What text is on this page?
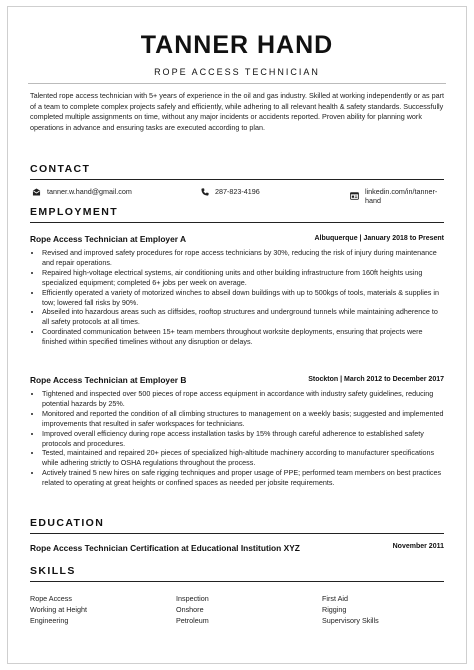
TANNER HAND
ROPE ACCESS TECHNICIAN
Talented rope access technician with 5+ years of experience in the oil and gas industry. Skilled at working independently or as part of a team to complete complex projects safely and efficiently, while adhering to all relevant health & safety standards. Successfully completed multiple assignments on time, without any major incidents or accidents reported. Proven ability for planning work operations in advance and ensuring tasks are executed according to plan.
CONTACT
tanner.w.hand@gmail.com	287-823-4196	linkedin.com/in/tanner-hand
EMPLOYMENT
Rope Access Technician at Employer A	Albuquerque | January 2018 to Present
• Revised and improved safety procedures for rope access technicians by 30%, reducing the risk of injury during maintenance and repair operations.
• Repaired high-voltage electrical systems, air conditioning units and other building infrastructure from 160ft heights using specialized equipment; completed 6+ jobs per week on average.
• Efficiently operated a variety of motorized winches to abseil down buildings with up to 500kgs of tools, materials & supplies in tow; lowered fall risks by 90%.
• Abseiled into hazardous areas such as cliffsides, rooftop structures and underground tunnels while maintaining adherence to all safety protocols at all times.
• Coordinated communication between 15+ team members throughout worksite deployments, ensuring that projects were finished within specified timelines without any disruption or delays.
Rope Access Technician at Employer B	Stockton | March 2012 to December 2017
• Tightened and inspected over 500 pieces of rope access equipment in accordance with industry safety guidelines, reducing potential hazards by 25%.
• Monitored and reported the condition of all climbing structures to management on a weekly basis; suggested and implemented improvements that resulted in safer workspaces for technicians.
• Improved overall efficiency during rope access installation tasks by 15% through careful adherence to established safety protocols and procedures.
• Tested, maintained and repaired 20+ pieces of specialized high-altitude machinery according to manufacturer specifications while adhering strictly to OSHA regulations throughout the process.
• Actively trained 5 new hires on safe rigging techniques and proper usage of PPE; performed team members on best practices related to operating at great heights or confined spaces as needed per jobsite requirements.
EDUCATION
Rope Access Technician Certification at Educational Institution XYZ	November 2011
SKILLS
Rope Access	Inspection	First Aid
Working at Height	Onshore	Rigging
Engineering	Petroleum	Supervisory Skills
